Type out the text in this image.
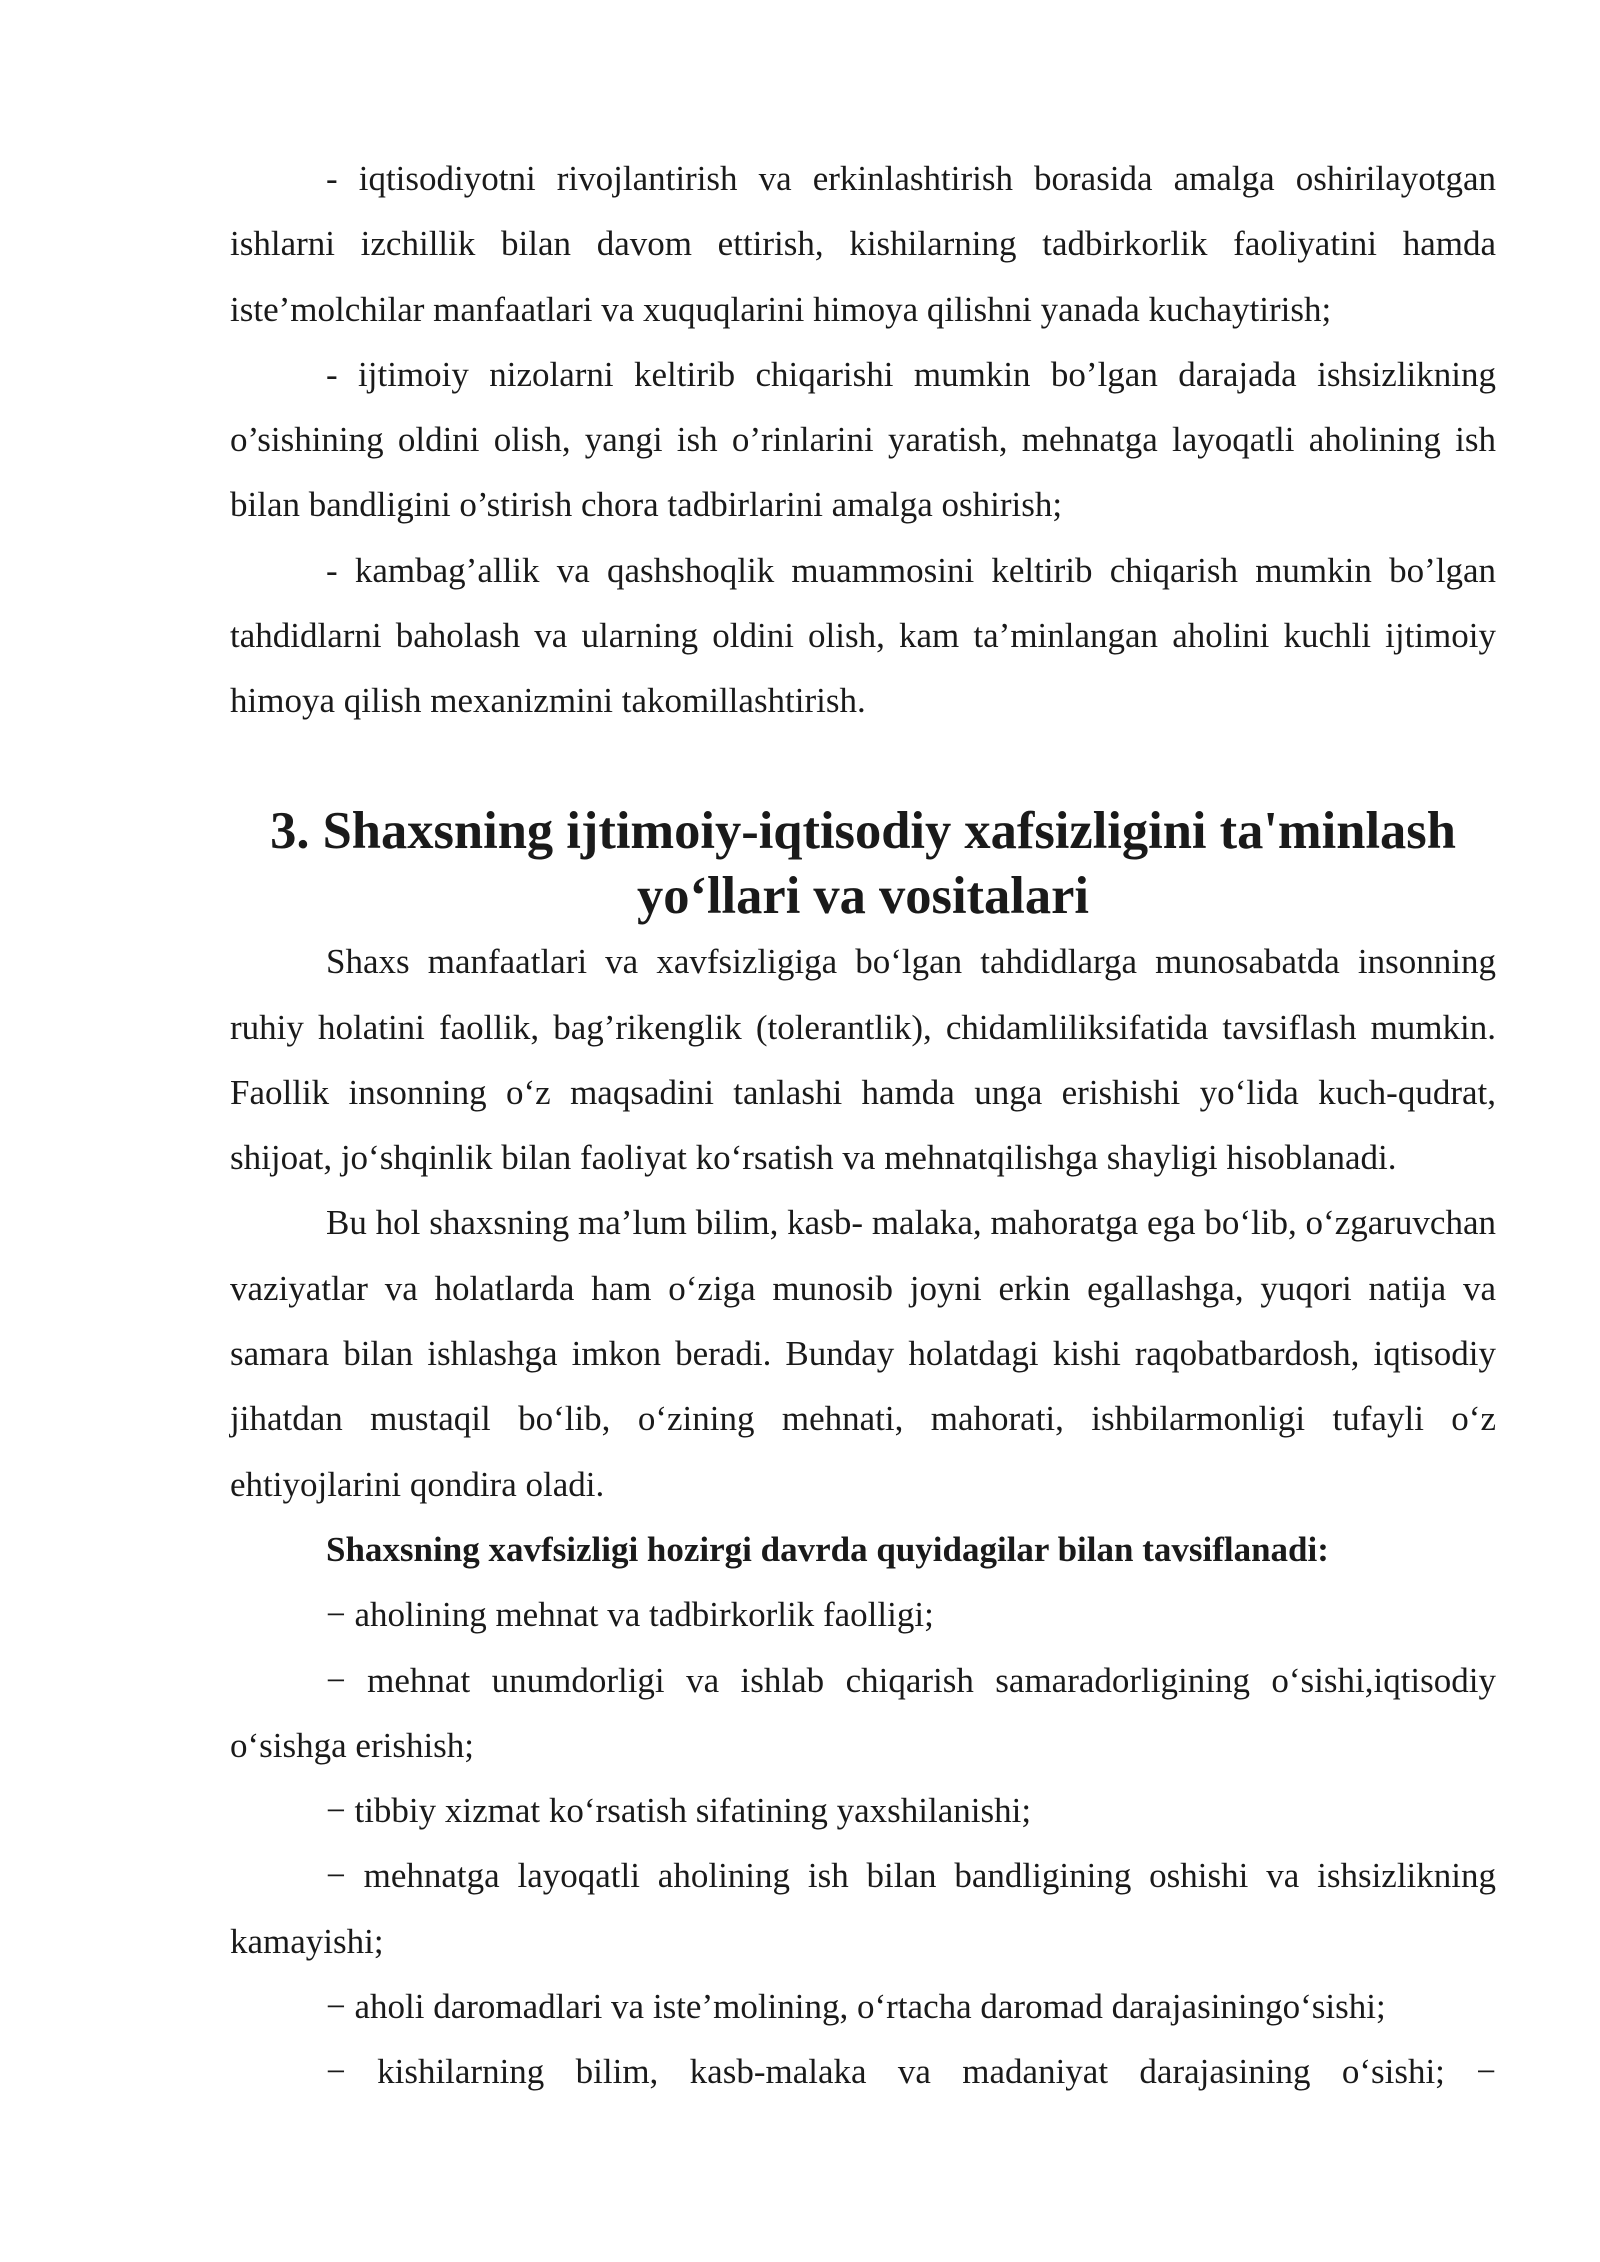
- iqtisodiyotni rivojlantirish va erkinlashtirish borasida amalga oshirilayotgan ishlarni izchillik bilan davom ettirish, kishilarning tadbirkorlik faoliyatini hamda iste’molchilar manfaatlari va xuquqlarini himoya qilishni yanada kuchaytirish;

- ijtimoiy nizolarni keltirib chiqarishi mumkin bo’lgan darajada ishsizlikning o’sishining oldini olish, yangi ish o’rinlarini yaratish, mehnatga layoqatli aholining ish bilan bandligini o’stirish chora tadbirlarini amalga oshirish;

- kambag’allik va qashshoqlik muammosini keltirib chiqarish mumkin bo’lgan tahdidlarni baholash va ularning oldini olish, kam ta’minlangan aholini kuchli ijtimoiy himoya qilish mexanizmini takomillashtirish.

3. Shaxsning ijtimoiy-iqtisodiy xafsizligini ta'minlash yo‘llari va vositalari

Shaxs manfaatlari va xavfsizligiga bo‘lgan tahdidlarga munosabatda insonning ruhiy holatini faollik, bag’rikenglik (tolerantlik), chidamliliksifatida tavsiflash mumkin. Faollik insonning o‘z maqsadini tanlashi hamda unga erishishi yo‘lida kuch-qudrat, shijoat, jo‘shqinlik bilan faoliyat ko‘rsatish va mehnatqilishga shayligi hisoblanadi.

Bu hol shaxsning ma’lum bilim, kasb- malaka, mahoratga ega bo‘lib, o‘zgaruvchan vaziyatlar va holatlarda ham o‘ziga munosib joyni erkin egallashga, yuqori natija va samara bilan ishlashga imkon beradi. Bunday holatdagi kishi raqobatbardosh, iqtisodiy jihatdan mustaqil bo‘lib, o‘zining mehnati, mahorati, ishbilarmonligi tufayli o‘z ehtiyojlarini qondira oladi.

Shaxsning xavfsizligi hozirgi davrda quyidagilar bilan tavsiflanadi:

− aholining mehnat va tadbirkorlik faolligi;

− mehnat unumdorligi va ishlab chiqarish samaradorligining o‘sishi,iqtisodiy o‘sishga erishish;

− tibbiy xizmat ko‘rsatish sifatining yaxshilanishi;

− mehnatga layoqatli aholining ish bilan bandligining oshishi va ishsizlikning kamayishi;

− aholi daromadlari va iste’molining, o‘rtacha daromad darajasiningo‘sishi;

− kishilarning bilim, kasb-malaka va madaniyat darajasining o‘sishi; −
